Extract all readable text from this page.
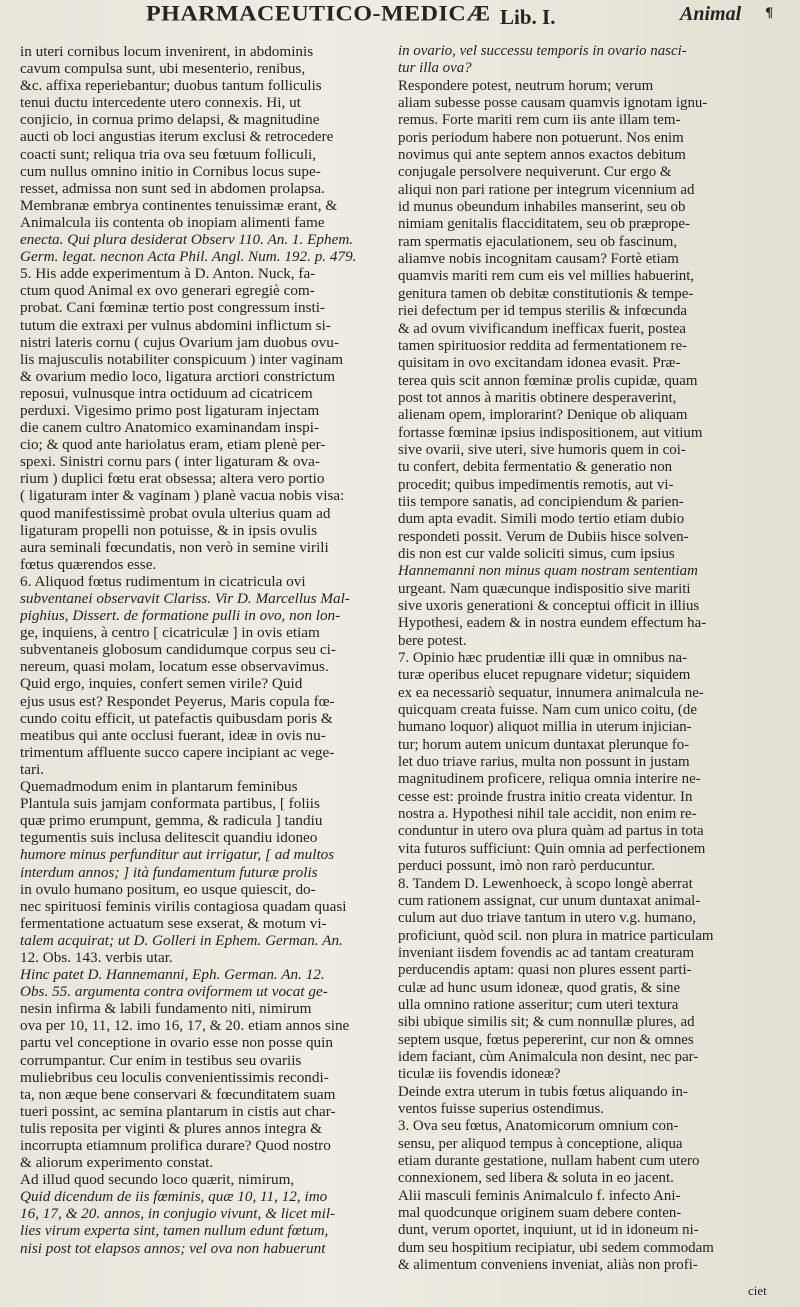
PHARMACEUTICO-MEDICÆ Lib. I.	Animal ¶
in uteri cornibus locum invenirent, in abdominis
cavum compulsa sunt, ubi mesenterio, renibus,
&c. affixa reperiebantur; duobus tantum folliculis
tenui ductu intercedente utero connexis. Hi, ut
conjicio, in cornua primo delapsi, & magnitudine
aucti ob loci angustias iterum exclusi & retrocedere
coacti sunt; reliqua tria ova seu fœtuum folliculi,
cum nullus omnino initio in Cornibus locus supe-
resset, admissa non sunt sed in abdomen prolapsa.
Membranæ embrya continentes tenuissimæ erant, &
Animalcula iis contenta ob inopiam alimenti fame
enecta. Qui plura desiderat Observ 110. An. 1. Ephem.
Germ. legat. necnon Acta Phil. Angl. Num. 192. p. 479.
5. His adde experimentum à D. Anton. Nuck, fa-
ctum quod Animal ex ovo generari egregiè com-
probat. Cani fœminæ tertio post congressum insti-
tutum die extraxi per vulnus abdomini inflictum si-
nistri lateris cornu ( cujus Ovarium jam duobus ovu-
lis majusculis notabiliter conspicuum ) inter vaginam
& ovarium medio loco, ligatura arctiori constrictum
reposui, vulnusque intra octiduum ad cicatricem
perduxi. Vigesimo primo post ligaturam injectam
die canem cultro Anatomico examinandam inspi-
cio; & quod ante hariolatus eram, etiam plenè per-
spexi. Sinistri cornu pars ( inter ligaturam & ova-
rium ) duplici fœtu erat obsessa; altera vero portio
( ligaturam inter & vaginam ) planè vacua nobis visa:
quod manifestissimè probat ovula ulterius quam ad
ligaturam propelli non potuisse, & in ipsis ovulis
aura seminali fœcundatis, non verò in semine virili
fœtus quærendos esse.
6. Aliquod fœtus rudimentum in cicatricula ovi
subventanei observavit Clariss. Vir D. Marcellus Mal-
pighius, Dissert. de formatione pulli in ovo, non lon-
ge, inquiens, à centro [ cicatriculæ ] in ovis etiam
subventaneis globosum candidumque corpus seu ci-
nereum, quasi molam, locatum esse observavimus.
Quid ergo, inquies, confert semen virile? Quid
ejus usus est? Respondet Peyerus, Maris copula fœ-
cundo coitu efficit, ut patefactis quibusdam poris &
meatibus qui ante occlusi fuerant, ideæ in ovis nu-
trimentum affluente succo capere incipiant ac vege-
tari.
Quemadmodum enim in plantarum feminibus
Plantula suis jamjam conformata partibus, [ foliis
quæ primo erumpunt, gemma, & radicula ] tandiu
tegumentis suis inclusa delitescit quandiu idoneo
humore minus perfunditur aut irrigatur, [ ad multos
interdum annos; ] ità fundamentum futuræ prolis
in ovulo humano positum, eo usque quiescit, do-
nec spirituosi feminis virilis contagiosa quadam quasi
fermentatione actuatum sese exserat, & motum vi-
talem acquirat; ut D. Golleri in Ephem. German. An.
12. Obs. 143. verbis utar.
Hinc patet D. Hannemanni, Eph. German. An. 12.
Obs. 55. argumenta contra oviformem ut vocat ge-
nesin infirma & labili fundamento niti, nimirum
ova per 10, 11, 12. imo 16, 17, & 20. etiam annos sine
partu vel conceptione in ovario esse non posse quin
corrumpantur. Cur enim in testibus seu ovariis
muliebribus ceu loculis convenientissimis recondi-
ta, non æque bene conservari & fœcunditatem suam
tueri possint, ac semina plantarum in cistis aut char-
tulis reposita per viginti & plures annos integra &
incorrupta etiamnum prolifica durare? Quod nostro
& aliorum experimento constat.
Ad illud quod secundo loco quærit, nimirum,
Quid dicendum de iis fœminis, quæ 10, 11, 12, imo
16, 17, & 20. annos, in conjugio vivunt, & licet mil-
lies virum experta sint, tamen nullum edunt fœtum,
nisi post tot elapsos annos; vel ova non habuerunt
in ovario, vel successu temporis in ovario nasci-
tur illa ova?
Respondere potest, neutrum horum; verum
aliam subesse posse causam quamvis ignotam ignu-
remus. Forte mariti rem cum iis ante illam tem-
poris periodum habere non potuerunt. Nos enim
novimus qui ante septem annos exactos debitum
conjugale persolvere nequiverunt. Cur ergo &
aliqui non pari ratione per integrum vicennium ad
id munus obeundum inhabiles manserint, seu ob
nimiam genitalis flacciditatem, seu ob præprope-
ram spermatis ejaculationem, seu ob fascinum,
aliamve nobis incognitam causam? Fortè etiam
quamvis mariti rem cum eis vel millies habuerint,
genitura tamen ob debitæ constitutionis & tempe-
riei defectum per id tempus sterilis & infœcunda
& ad ovum vivificandum inefficax fuerit, postea
tamen spirituosior reddita ad fermentationem re-
quisitam in ovo excitandam idonea evasit. Præ-
terea quis scit annon fœminæ prolis cupidæ, quam
post tot annos à maritis obtinere desperaverint,
alienam opem, implorarint? Denique ob aliquam
fortasse fœminæ ipsius indispositionem, aut vitium
sive ovarii, sive uteri, sive humoris quem in coi-
tu confert, debita fermentatio & generatio non
procedit; quibus impedimentis remotis, aut vi-
tiis tempore sanatis, ad concipiendum & parien-
dum apta evadit. Simili modo tertio etiam dubio
respondeti possit. Verum de Dubiis hisce solven-
dis non est cur valde soliciti simus, cum ipsius
Hannemanni non minus quam nostram sententiam
urgeant. Nam quæcunque indispositio sive mariti
sive uxoris generationi & conceptui officit in illius
Hypothesi, eadem & in nostra eundem effectum ha-
bere potest.
7. Opinio hæc prudentiæ illi quæ in omnibus na-
turæ operibus elucet repugnare videtur; siquidem
ex ea necessariò sequatur, innumera animalcula ne-
quicquam creata fuisse. Nam cum unico coitu, (de
humano loquor) aliquot millia in uterum injician-
tur; horum autem unicum duntaxat plerunque fo-
let duo triave rarius, multa non possunt in justam
magnitudinem proficere, reliqua omnia interire ne-
cesse est: proinde frustra initio creata videntur. In
nostra a. Hypothesi nihil tale accidit, non enim re-
conduntur in utero ova plura quàm ad partus in tota
vita futuros sufficiunt: Quin omnia ad perfectionem
perduci possunt, imò non rarò perducuntur.
8. Tandem D. Lewenhoeck, à scopo longè aberrat
cum rationem assignat, cur unum duntaxat animal-
culum aut duo triave tantum in utero v.g. humano,
proficiunt, quòd scil. non plura in matrice particulam
inveniant iisdem fovendis ac ad tantam creaturam
perducendis aptam: quasi non plures essent parti-
culæ ad hunc usum idoneæ, quod gratis, & sine
ulla omnino ratione asseritur; cum uteri textura
sibi ubique similis sit; & cum nonnullæ plures, ad
septem usque, fœtus pepererint, cur non & omnes
idem faciant, cùm Animalcula non desint, nec par-
ticulæ iis fovendis idoneæ?
Deinde extra uterum in tubis fœtus aliquando in-
ventos fuisse superius ostendimus.
3. Ova seu fœtus, Anatomicorum omnium con-
sensu, per aliquod tempus à conceptione, aliqua
etiam durante gestatione, nullam habent cum utero
connexionem, sed libera & soluta in eo jacent.
Alii masculi feminis Animalculo f. infecto Ani-
mal quodcunque originem suam debere conten-
dunt, verum oportet, inquiunt, ut id in idoneum ni-
dum seu hospitium recipiatur, ubi sedem commodam
& alimentum conveniens inveniat, aliàs non profi-
ciet
